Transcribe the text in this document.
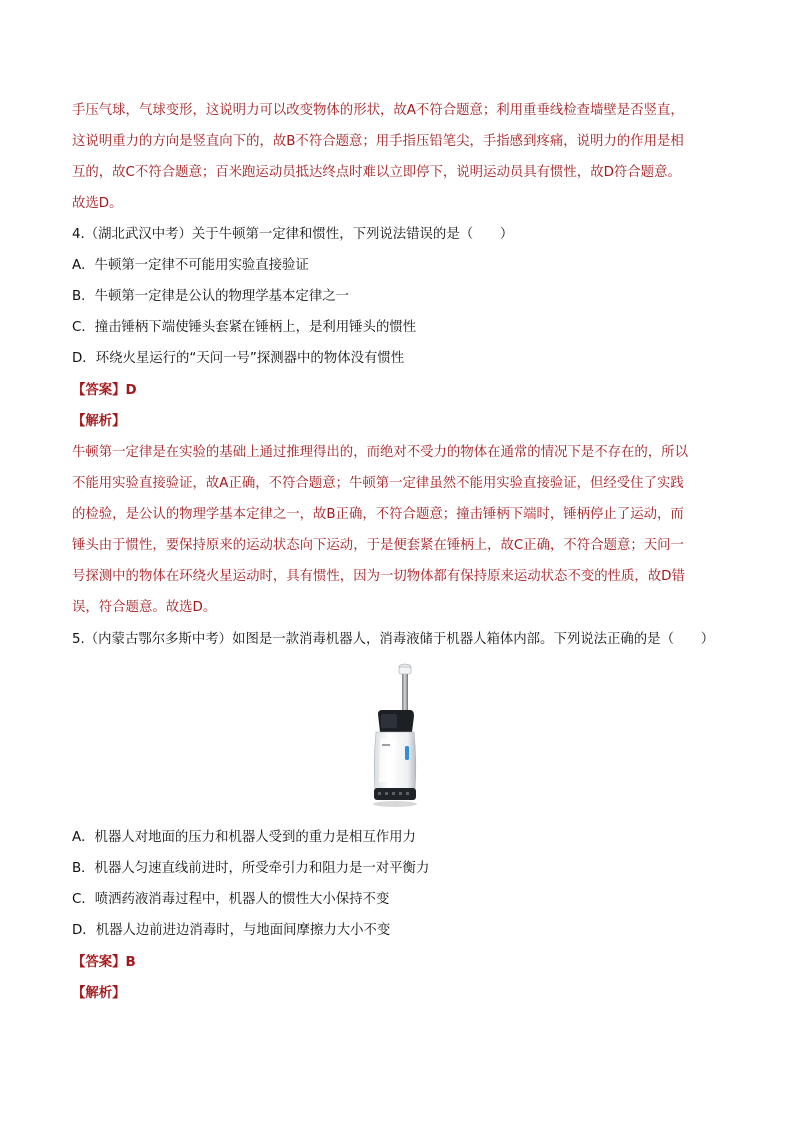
手压气球，气球变形，这说明力可以改变物体的形状，故A不符合题意；利用重垂线检查墙壁是否竖直，
这说明重力的方向是竖直向下的，故B不符合题意；用手指压铅笔尖，手指感到疼痛，说明力的作用是相
互的，故C不符合题意；百米跑运动员抵达终点时难以立即停下，说明运动员具有惯性，故D符合题意。
故选D。
4.（湖北武汉中考）关于牛顿第一定律和惯性，下列说法错误的是（　　）
A．牛顿第一定律不可能用实验直接验证
B．牛顿第一定律是公认的物理学基本定律之一
C．撞击锤柄下端使锤头套紧在锤柄上，是利用锤头的惯性
D．环绕火星运行的“天问一号”探测器中的物体没有惯性
【答案】D
【解析】
牛顿第一定律是在实验的基础上通过推理得出的，而绝对不受力的物体在通常的情况下是不存在的，所以
不能用实验直接验证，故A正确，不符合题意；牛顿第一定律虽然不能用实验直接验证，但经受住了实践
的检验，是公认的物理学基本定律之一，故B正确，不符合题意；撞击锤柄下端时，锤柄停止了运动，而
锤头由于惯性，要保持原来的运动状态向下运动，于是便套紧在锤柄上，故C正确，不符合题意；天问一
号探测中的物体在环绕火星运动时，具有惯性，因为一切物体都有保持原来运动状态不变的性质，故D错
误，符合题意。故选D。
5.（内蒙古鄂尔多斯中考）如图是一款消毒机器人，消毒液储于机器人箱体内部。下列说法正确的是（　　）
A．机器人对地面的压力和机器人受到的重力是相互作用力
B．机器人匀速直线前进时，所受牵引力和阻力是一对平衡力
C．喷洒药液消毒过程中，机器人的惯性大小保持不变
D．机器人边前进边消毒时，与地面间摩擦力大小不变
【答案】B
【解析】
